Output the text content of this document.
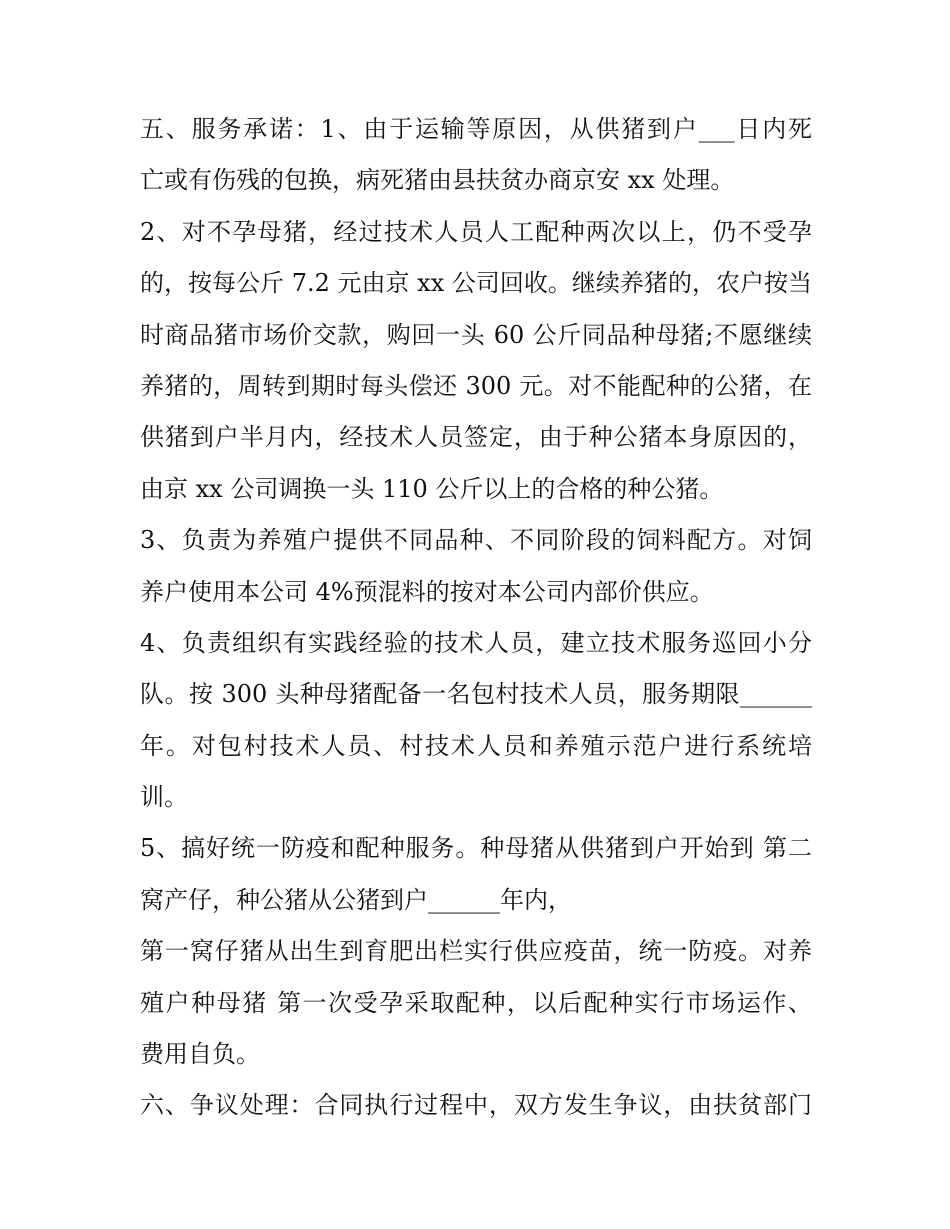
五、服务承诺：1、由于运输等原因，从供猪到户___日内死
亡或有伤残的包换，病死猪由县扶贫办商京安 xx 处理。
2、对不孕母猪，经过技术人员人工配种两次以上，仍不受孕
的，按每公斤 7.2 元由京 xx 公司回收。继续养猪的，农户按当
时商品猪市场价交款，购回一头 60 公斤同品种母猪;不愿继续
养猪的，周转到期时每头偿还 300 元。对不能配种的公猪，在
供猪到户半月内，经技术人员签定，由于种公猪本身原因的，
由京 xx 公司调换一头 110 公斤以上的合格的种公猪。
3、负责为养殖户提供不同品种、不同阶段的饲料配方。对饲
养户使用本公司 4%预混料的按对本公司内部价供应。
4、负责组织有实践经验的技术人员，建立技术服务巡回小分
队。按 300 头种母猪配备一名包村技术人员，服务期限______
年。对包村技术人员、村技术人员和养殖示范户进行系统培
训。
5、搞好统一防疫和配种服务。种母猪从供猪到户开始到 第二
窝产仔，种公猪从公猪到户______年内，
第一窝仔猪从出生到育肥出栏实行供应疫苗，统一防疫。对养
殖户种母猪 第一次受孕采取配种，以后配种实行市场运作、
费用自负。
六、争议处理：合同执行过程中，双方发生争议，由扶贫部门
